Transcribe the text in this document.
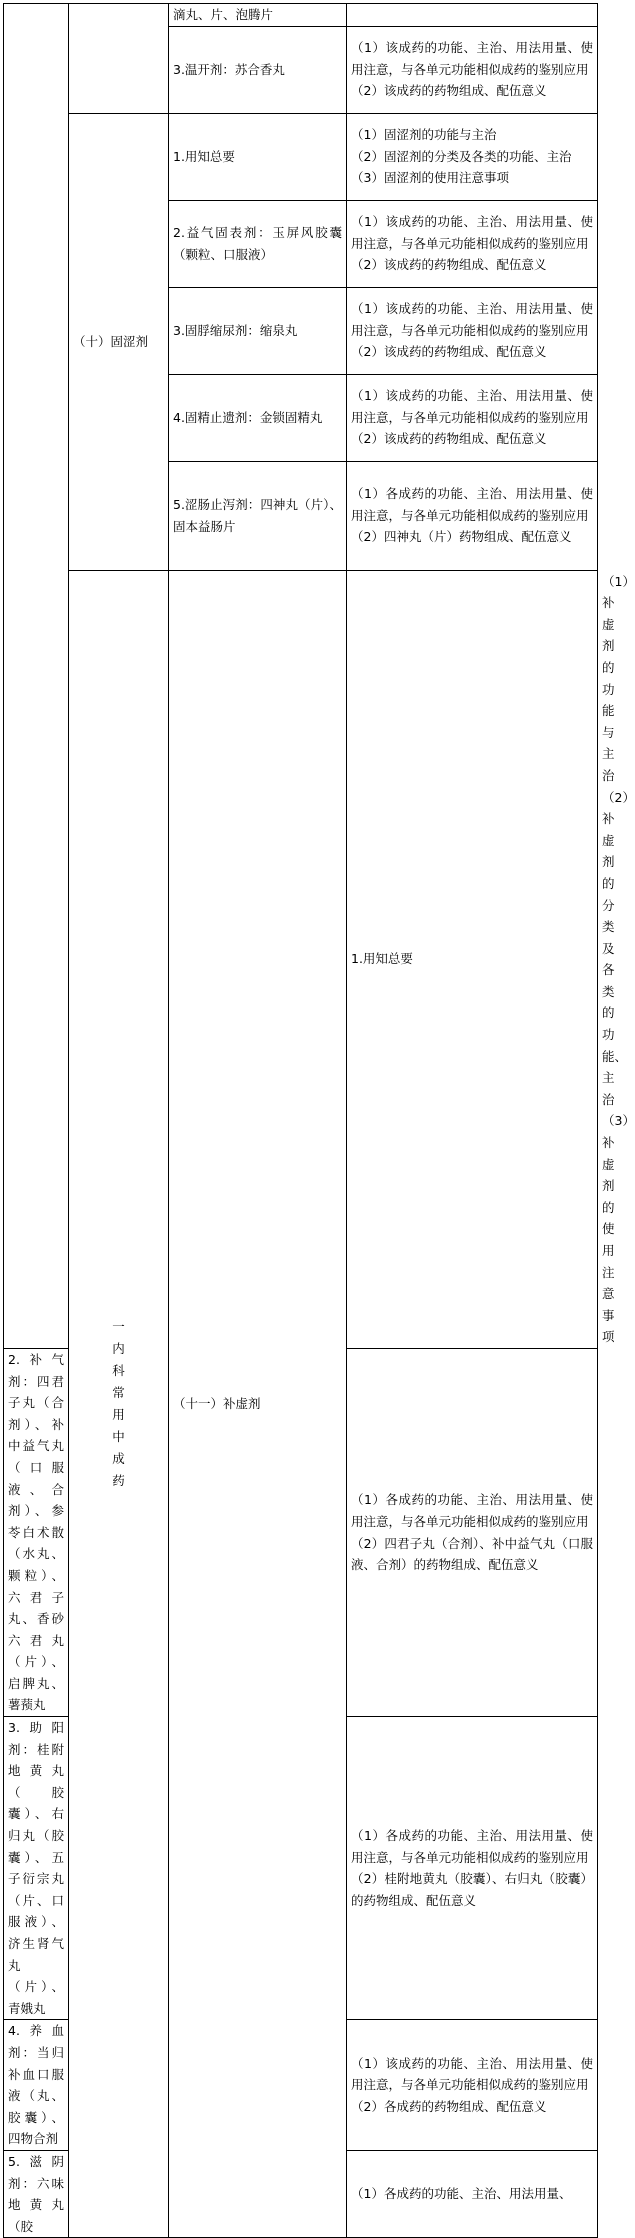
		滴丸、片、泡腾片		

		3.温开剂：苏合香丸	（1）该成药的功能、主治、用法用量、使用注意，与各单元功能相似成药的鉴别应用
（2）该成药的药物组成、配伍意义	

	（十）固涩剂	1.用知总要	（1）固涩剂的功能与主治
（2）固涩剂的分类及各类的功能、主治
（3）固涩剂的使用注意事项	

		2.益气固表剂：玉屏风胶囊（颗粒、口服液）	（1）该成药的功能、主治、用法用量、使用注意，与各单元功能相似成药的鉴别应用
（2）该成药的药物组成、配伍意义	

		3.固脬缩尿剂：缩泉丸	（1）该成药的功能、主治、用法用量、使用注意，与各单元功能相似成药的鉴别应用
（2）该成药的药物组成、配伍意义	

		4.固精止遗剂：金锁固精丸	（1）该成药的功能、主治、用法用量、使用注意，与各单元功能相似成药的鉴别应用
（2）该成药的药物组成、配伍意义	

		5.涩肠止泻剂：四神丸（片）、固本益肠片	（1）各成药的功能、主治、用法用量、使用注意，与各单元功能相似成药的鉴别应用
（2）四神丸（片）药物组成、配伍意义	

	一内科常用中成药	（十一）补虚剂	1.用知总要	（1）补虚剂的功能与主治
（2）补虚剂的分类及各类的功能、主治
（3）补虚剂的使用注意事项

2.补气剂：四君子丸（合剂）、补中益气丸（口服液、合剂）、参苓白术散（水丸、颗粒）、六君子丸、香砂六君丸（片）、启脾丸、薯蓣丸			（1）各成药的功能、主治、用法用量、使用注意，与各单元功能相似成药的鉴别应用
（2）四君子丸（合剂）、补中益气丸（口服液、合剂）的药物组成、配伍意义	

3.助阳剂：桂附地黄丸（胶囊）、右归丸（胶囊）、五子衍宗丸（片、口服液）、济生肾气丸（片）、青娥丸			（1）各成药的功能、主治、用法用量、使用注意，与各单元功能相似成药的鉴别应用
（2）桂附地黄丸（胶囊）、右归丸（胶囊）的药物组成、配伍意义	

4.养血剂：当归补血口服液（丸、胶囊）、四物合剂			（1）该成药的功能、主治、用法用量、使用注意，与各单元功能相似成药的鉴别应用
（2）各成药的药物组成、配伍意义	

5.滋阴剂：六味地黄丸（胶			（1）各成药的功能、主治、用法用量、	
